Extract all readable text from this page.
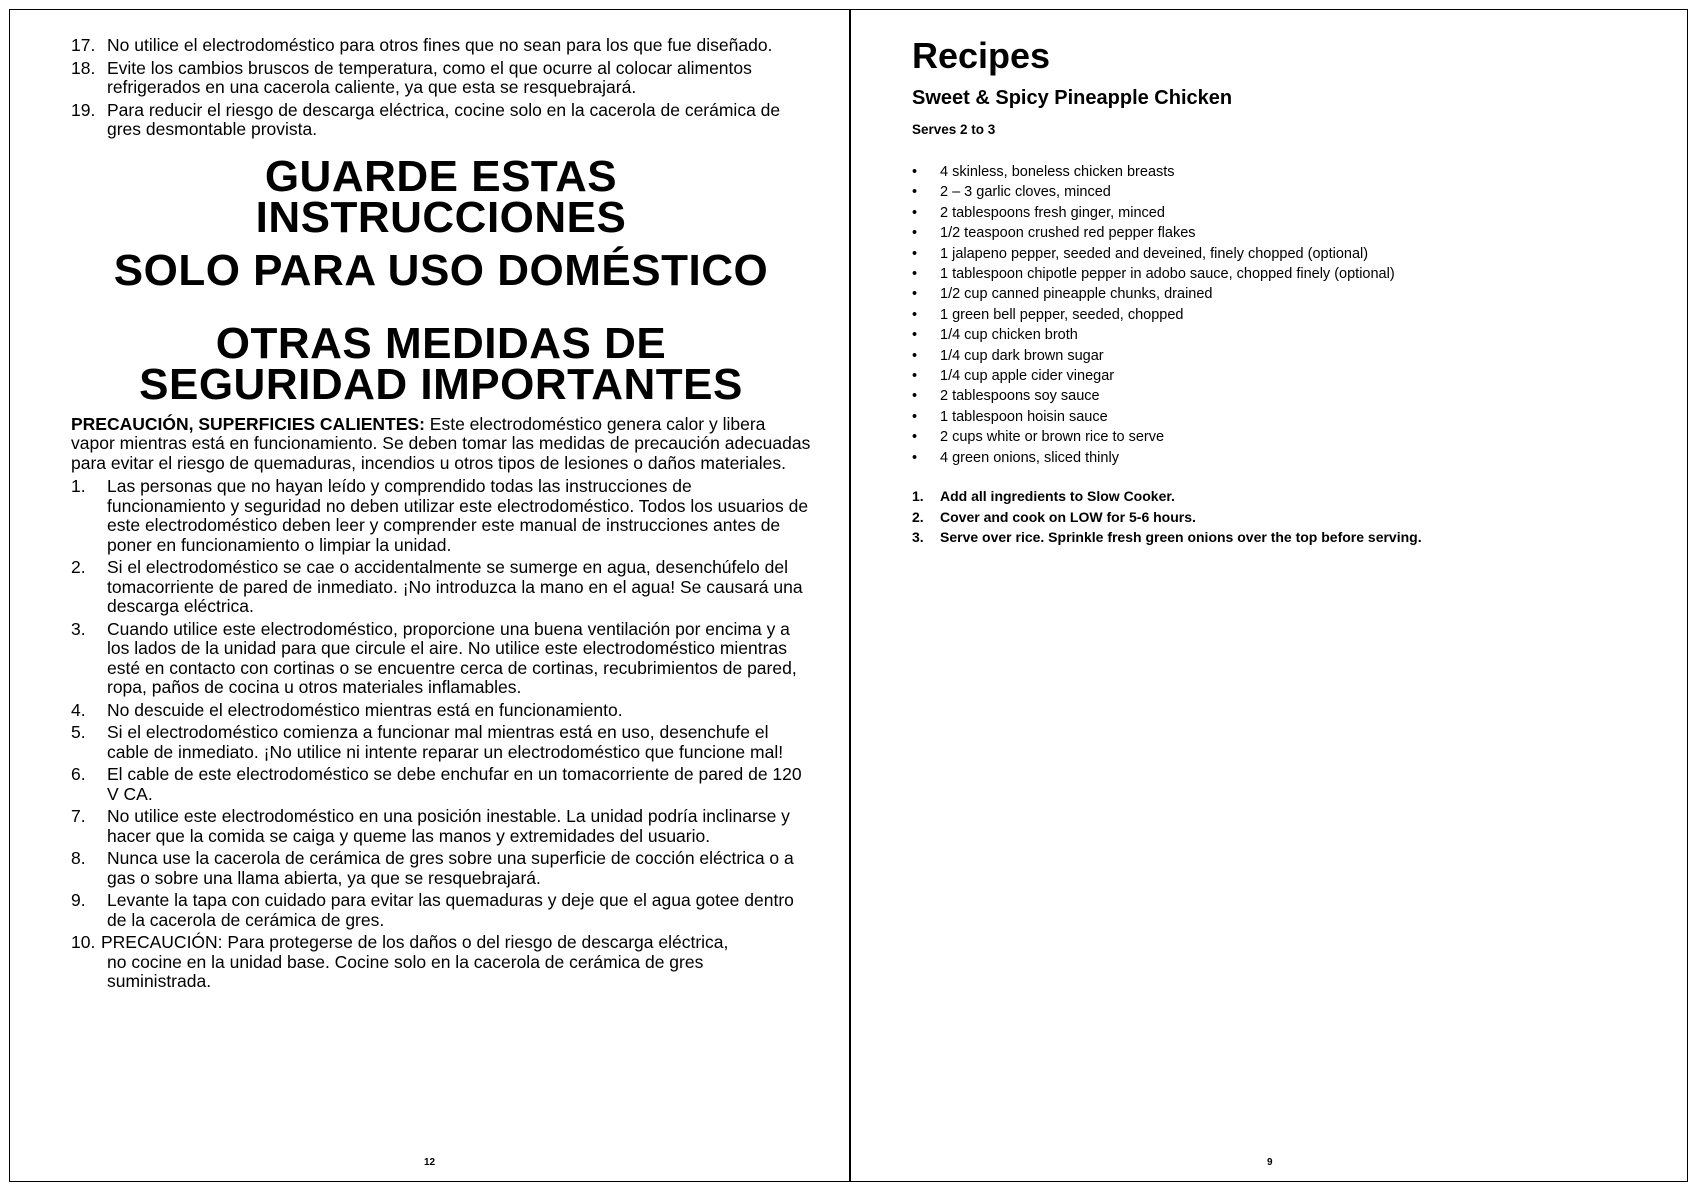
17. No utilice el electrodoméstico para otros fines que no sean para los que fue diseñado.
18. Evite los cambios bruscos de temperatura, como el que ocurre al colocar alimentos refrigerados en una cacerola caliente, ya que esta se resquebrajará.
19. Para reducir el riesgo de descarga eléctrica, cocine solo en la cacerola de cerámica de gres desmontable provista.
GUARDE ESTAS
INSTRUCCIONES
SOLO PARA USO DOMÉSTICO
OTRAS MEDIDAS DE
SEGURIDAD IMPORTANTES

PRECAUCIÓN, SUPERFICIES CALIENTES: Este electrodoméstico genera calor y libera vapor mientras está en funcionamiento. Se deben tomar las medidas de precaución adecuadas para evitar el riesgo de quemaduras, incendios u otros tipos de lesiones o daños materiales.

1. Las personas que no hayan leído y comprendido todas las instrucciones de funcionamiento y seguridad no deben utilizar este electrodoméstico. Todos los usuarios de este electrodoméstico deben leer y comprender este manual de instrucciones antes de poner en funcionamiento o limpiar la unidad.
2. Si el electrodoméstico se cae o accidentalmente se sumerge en agua, desenchúfelo del tomacorriente de pared de inmediato. ¡No introduzca la mano en el agua! Se causará una descarga eléctrica.
3. Cuando utilice este electrodoméstico, proporcione una buena ventilación por encima y a los lados de la unidad para que circule el aire. No utilice este electrodoméstico mientras esté en contacto con cortinas o se encuentre cerca de cortinas, recubrimientos de pared, ropa, paños de cocina u otros materiales inflamables.
4. No descuide el electrodoméstico mientras está en funcionamiento.
5. Si el electrodoméstico comienza a funcionar mal mientras está en uso, desenchufe el cable de inmediato. ¡No utilice ni intente reparar un electrodoméstico que funcione mal!
6. El cable de este electrodoméstico se debe enchufar en un tomacorriente de pared de 120 V CA.
7. No utilice este electrodoméstico en una posición inestable. La unidad podría inclinarse y hacer que la comida se caiga y queme las manos y extremidades del usuario.
8. Nunca use la cacerola de cerámica de gres sobre una superficie de cocción eléctrica o a gas o sobre una llama abierta, ya que se resquebrajará.
9. Levante la tapa con cuidado para evitar las quemaduras y deje que el agua gotee dentro de la cacerola de cerámica de gres.
10. PRECAUCIÓN: Para protegerse de los daños o del riesgo de descarga eléctrica,
no cocine en la unidad base. Cocine solo en la cacerola de cerámica de gres suministrada.
12
Recipes
Sweet & Spicy Pineapple Chicken

Serves 2 to 3

• 4 skinless, boneless chicken breasts
• 2 – 3 garlic cloves, minced
• 2 tablespoons fresh ginger, minced
• 1/2 teaspoon crushed red pepper flakes
• 1 jalapeno pepper, seeded and deveined, finely chopped (optional)
• 1 tablespoon chipotle pepper in adobo sauce, chopped finely (optional)
• 1/2 cup canned pineapple chunks, drained
• 1 green bell pepper, seeded, chopped
• 1/4 cup chicken broth
• 1/4 cup dark brown sugar
• 1/4 cup apple cider vinegar
• 2 tablespoons soy sauce
• 1 tablespoon hoisin sauce
• 2 cups white or brown rice to serve
• 4 green onions, sliced thinly
1. Add all ingredients to Slow Cooker.
2. Cover and cook on LOW for 5-6 hours.
3. Serve over rice. Sprinkle fresh green onions over the top before serving.
9
